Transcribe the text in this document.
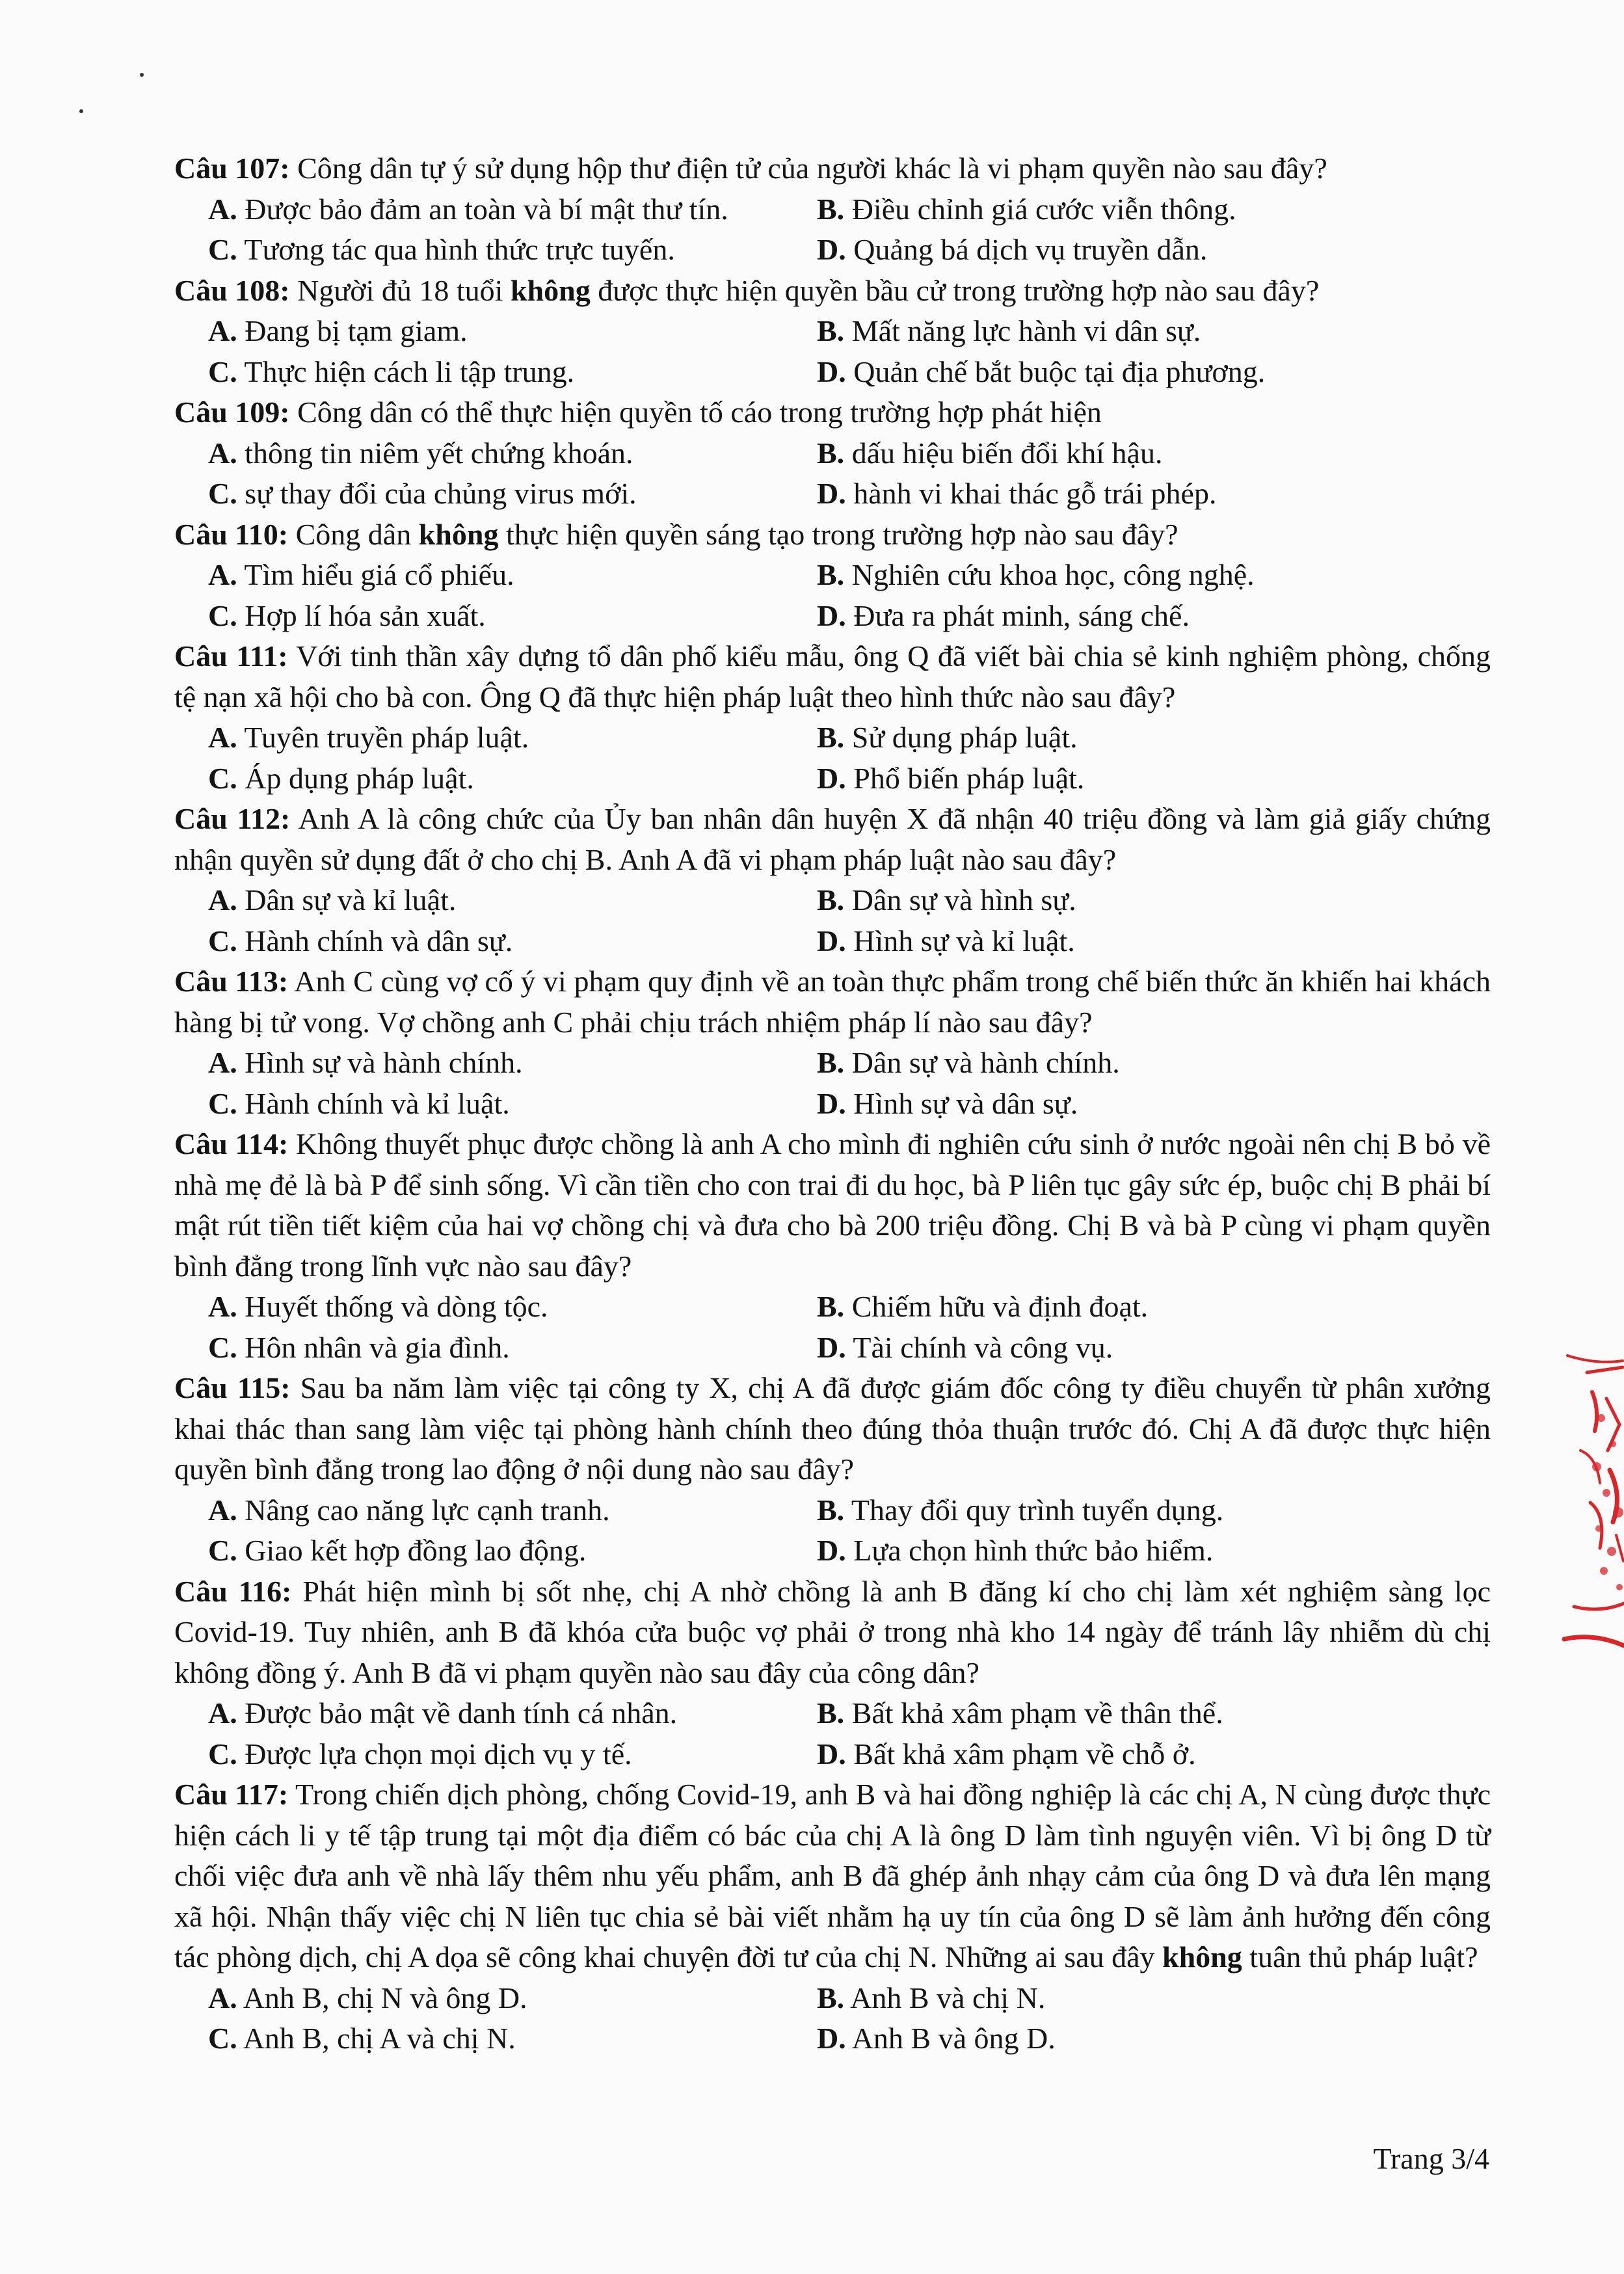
Câu 107: Công dân tự ý sử dụng hộp thư điện tử của người khác là vi phạm quyền nào sau đây?

A. Được bảo đảm an toàn và bí mật thư tín.	B. Điều chỉnh giá cước viễn thông.
C. Tương tác qua hình thức trực tuyến.	D. Quảng bá dịch vụ truyền dẫn.

Câu 108: Người đủ 18 tuổi không được thực hiện quyền bầu cử trong trường hợp nào sau đây?

A. Đang bị tạm giam.	B. Mất năng lực hành vi dân sự.
C. Thực hiện cách li tập trung.	D. Quản chế bắt buộc tại địa phương.

Câu 109: Công dân có thể thực hiện quyền tố cáo trong trường hợp phát hiện

A. thông tin niêm yết chứng khoán.	B. dấu hiệu biến đổi khí hậu.
C. sự thay đổi của chủng virus mới.	D. hành vi khai thác gỗ trái phép.

Câu 110: Công dân không thực hiện quyền sáng tạo trong trường hợp nào sau đây?

A. Tìm hiểu giá cổ phiếu.	B. Nghiên cứu khoa học, công nghệ.
C. Hợp lí hóa sản xuất.	D. Đưa ra phát minh, sáng chế.

Câu 111: Với tinh thần xây dựng tổ dân phố kiểu mẫu, ông Q đã viết bài chia sẻ kinh nghiệm phòng, chống tệ nạn xã hội cho bà con. Ông Q đã thực hiện pháp luật theo hình thức nào sau đây?

A. Tuyên truyền pháp luật.	B. Sử dụng pháp luật.
C. Áp dụng pháp luật.	D. Phổ biến pháp luật.

Câu 112: Anh A là công chức của Ủy ban nhân dân huyện X đã nhận 40 triệu đồng và làm giả giấy chứng nhận quyền sử dụng đất ở cho chị B. Anh A đã vi phạm pháp luật nào sau đây?

A. Dân sự và kỉ luật.	B. Dân sự và hình sự.
C. Hành chính và dân sự.	D. Hình sự và kỉ luật.

Câu 113: Anh C cùng vợ cố ý vi phạm quy định về an toàn thực phẩm trong chế biến thức ăn khiến hai khách hàng bị tử vong. Vợ chồng anh C phải chịu trách nhiệm pháp lí nào sau đây?

A. Hình sự và hành chính.	B. Dân sự và hành chính.
C. Hành chính và kỉ luật.	D. Hình sự và dân sự.

Câu 114: Không thuyết phục được chồng là anh A cho mình đi nghiên cứu sinh ở nước ngoài nên chị B bỏ về nhà mẹ đẻ là bà P để sinh sống. Vì cần tiền cho con trai đi du học, bà P liên tục gây sức ép, buộc chị B phải bí mật rút tiền tiết kiệm của hai vợ chồng chị và đưa cho bà 200 triệu đồng. Chị B và bà P cùng vi phạm quyền bình đẳng trong lĩnh vực nào sau đây?

A. Huyết thống và dòng tộc.	B. Chiếm hữu và định đoạt.
C. Hôn nhân và gia đình.	D. Tài chính và công vụ.

Câu 115: Sau ba năm làm việc tại công ty X, chị A đã được giám đốc công ty điều chuyển từ phân xưởng khai thác than sang làm việc tại phòng hành chính theo đúng thỏa thuận trước đó. Chị A đã được thực hiện quyền bình đẳng trong lao động ở nội dung nào sau đây?

A. Nâng cao năng lực cạnh tranh.	B. Thay đổi quy trình tuyển dụng.
C. Giao kết hợp đồng lao động.	D. Lựa chọn hình thức bảo hiểm.

Câu 116: Phát hiện mình bị sốt nhẹ, chị A nhờ chồng là anh B đăng kí cho chị làm xét nghiệm sàng lọc Covid-19. Tuy nhiên, anh B đã khóa cửa buộc vợ phải ở trong nhà kho 14 ngày để tránh lây nhiễm dù chị không đồng ý. Anh B đã vi phạm quyền nào sau đây của công dân?

A. Được bảo mật về danh tính cá nhân.	B. Bất khả xâm phạm về thân thể.
C. Được lựa chọn mọi dịch vụ y tế.	D. Bất khả xâm phạm về chỗ ở.

Câu 117: Trong chiến dịch phòng, chống Covid-19, anh B và hai đồng nghiệp là các chị A, N cùng được thực hiện cách li y tế tập trung tại một địa điểm có bác của chị A là ông D làm tình nguyện viên. Vì bị ông D từ chối việc đưa anh về nhà lấy thêm nhu yếu phẩm, anh B đã ghép ảnh nhạy cảm của ông D và đưa lên mạng xã hội. Nhận thấy việc chị N liên tục chia sẻ bài viết nhằm hạ uy tín của ông D sẽ làm ảnh hưởng đến công tác phòng dịch, chị A dọa sẽ công khai chuyện đời tư của chị N. Những ai sau đây không tuân thủ pháp luật?

A. Anh B, chị N và ông D.	B. Anh B và chị N.
C. Anh B, chị A và chị N.	D. Anh B và ông D.
Trang 3/4
